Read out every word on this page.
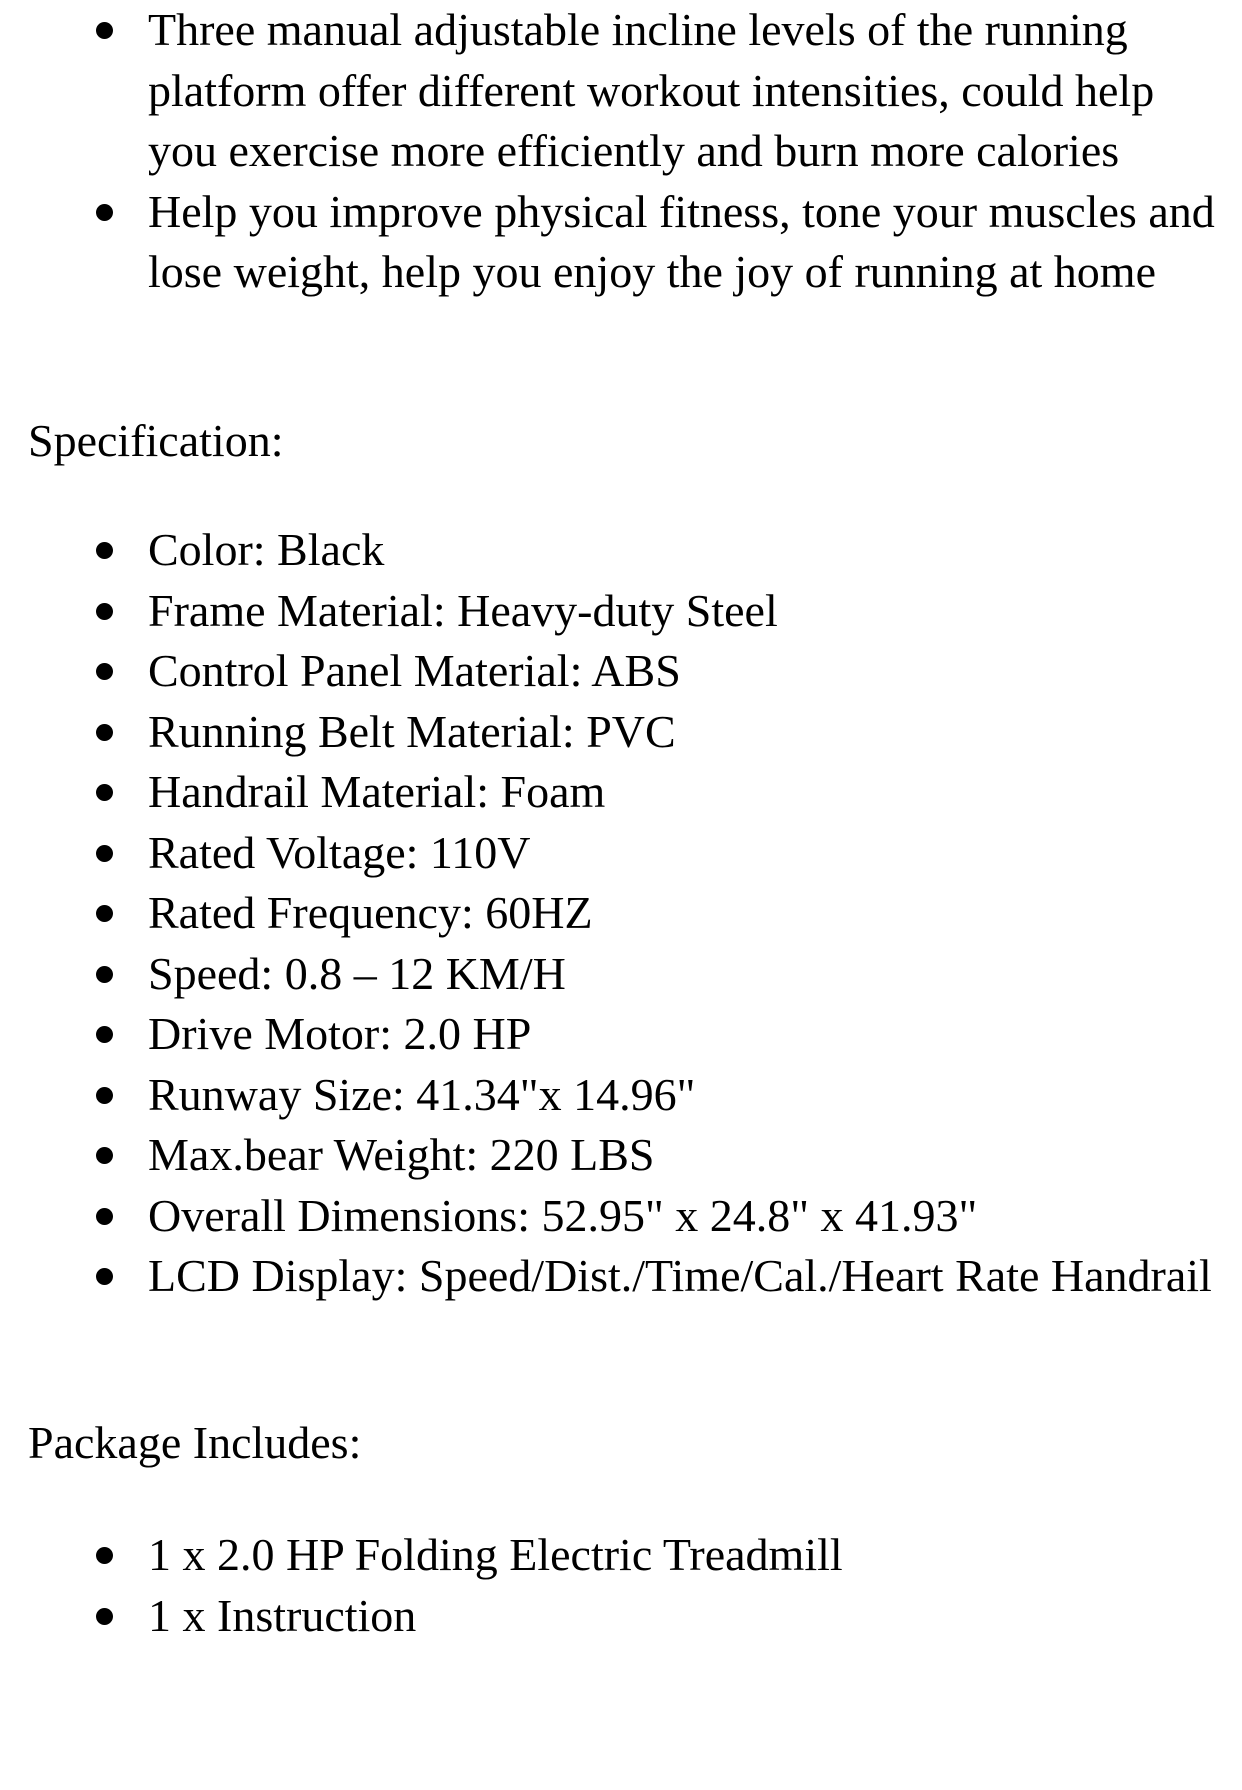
Three manual adjustable incline levels of the running platform offer different workout intensities, could help you exercise more efficiently and burn more calories
Help you improve physical fitness, tone your muscles and lose weight, help you enjoy the joy of running at home
Specification:
Color: Black
Frame Material: Heavy-duty Steel
Control Panel Material: ABS
Running Belt Material: PVC
Handrail Material: Foam
Rated Voltage: 110V
Rated Frequency: 60HZ
Speed: 0.8 – 12 KM/H
Drive Motor: 2.0 HP
Runway Size: 41.34"x 14.96"
Max.bear Weight: 220 LBS
Overall Dimensions: 52.95" x 24.8" x 41.93"
LCD Display: Speed/Dist./Time/Cal./Heart Rate Handrail
Package Includes:
1 x 2.0 HP Folding Electric Treadmill
1 x Instruction
